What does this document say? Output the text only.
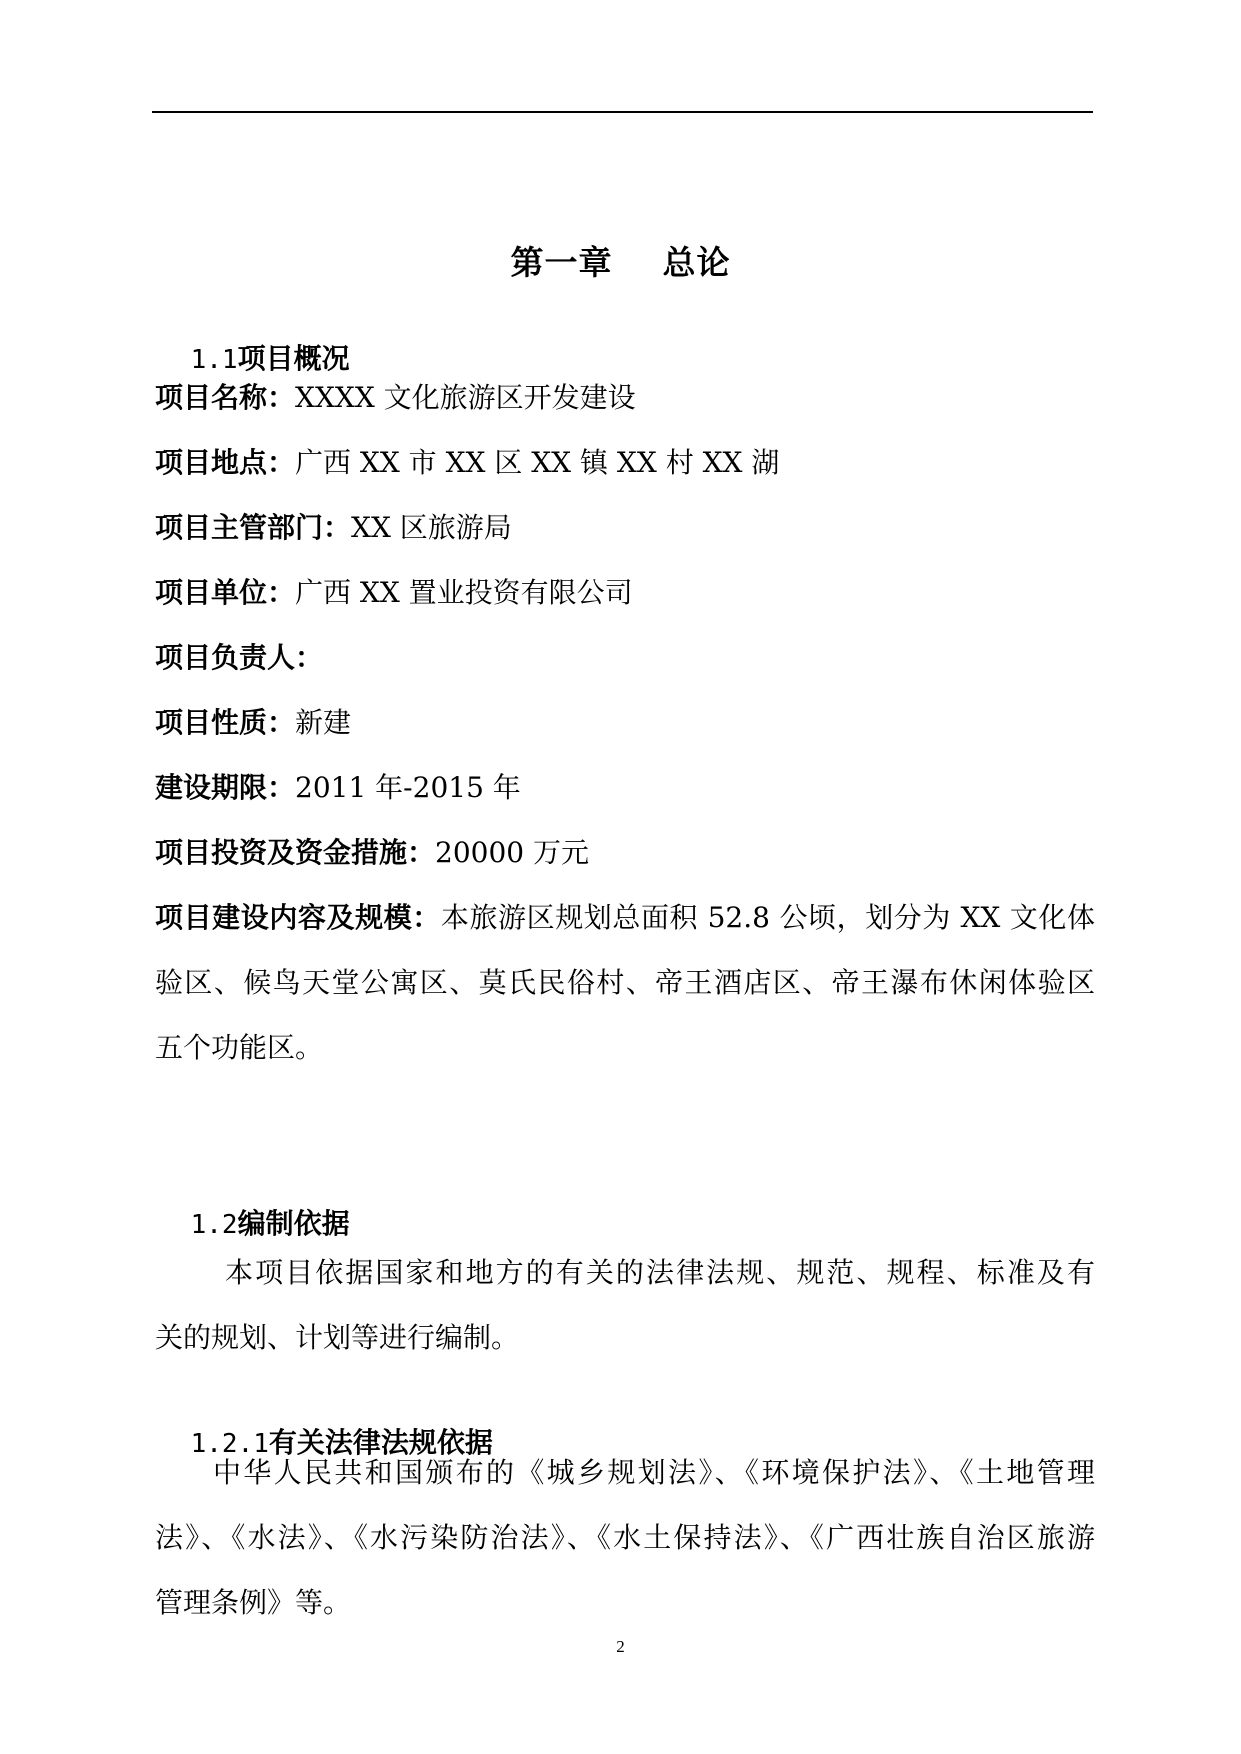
第一章    总论

1.1项目概况

项目名称：XXXX 文化旅游区开发建设
项目地点：广西 XX 市 XX 区 XX 镇 XX 村 XX 湖
项目主管部门：XX 区旅游局
项目单位：广西 XX 置业投资有限公司
项目负责人：
项目性质：新建
建设期限：2011 年-2015 年
项目投资及资金措施：20000 万元
项目建设内容及规模：本旅游区规划总面积 52.8 公顷，划分为 XX 文化体
验区、候鸟天堂公寓区、莫氏民俗村、帝王酒店区、帝王瀑布休闲体验区
五个功能区。

1.2编制依据

本项目依据国家和地方的有关的法律法规、规范、规程、标准及有
关的规划、计划等进行编制。

1.2.1有关法律法规依据

中华人民共和国颁布的《城乡规划法》、《环境保护法》、《土地管理
法》、《水法》、《水污染防治法》、《水土保持法》、《广西壮族自治区旅游
管理条例》等。
2
